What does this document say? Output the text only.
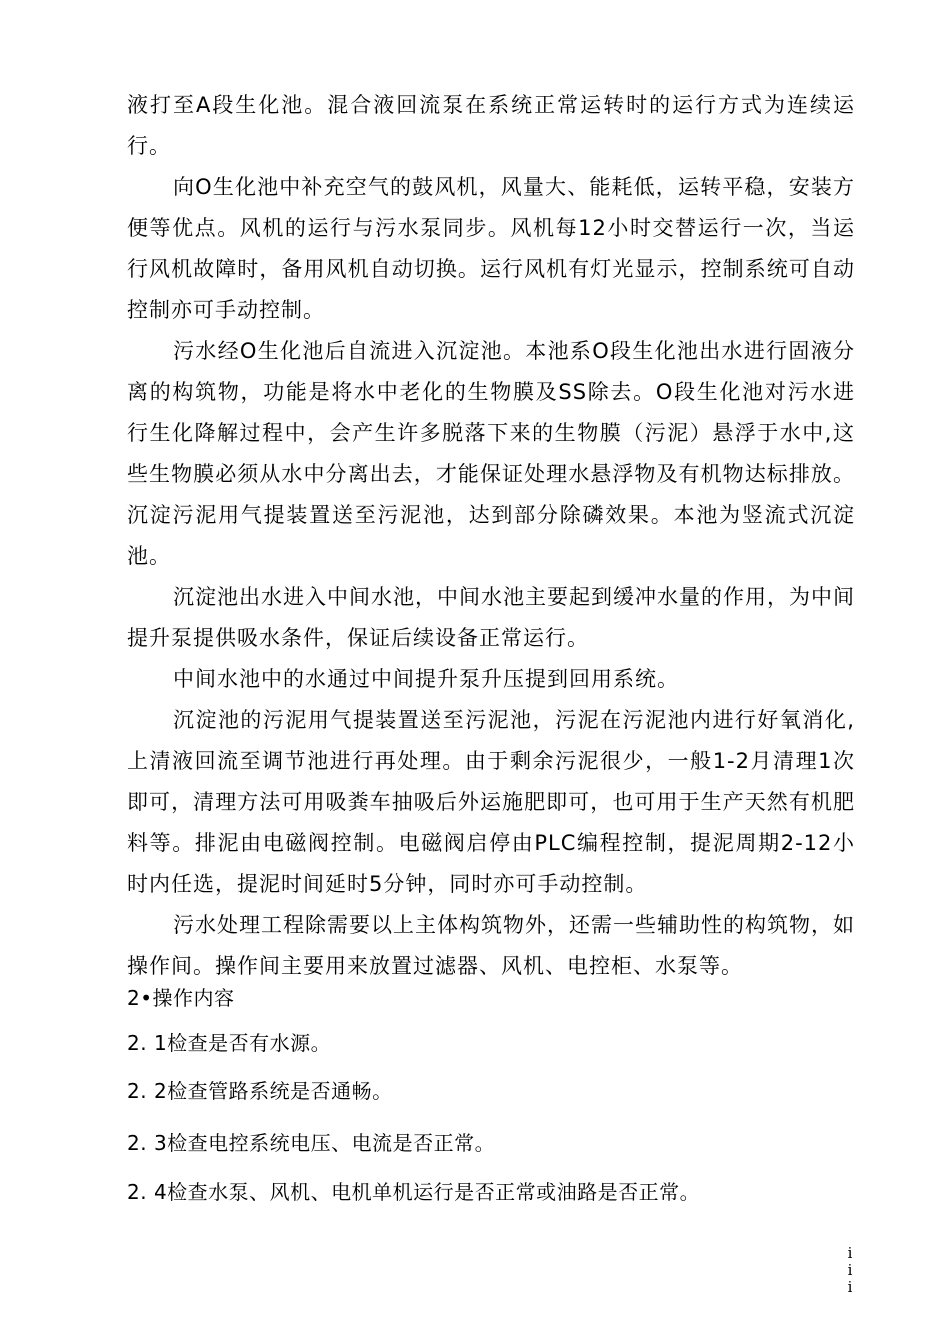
液打至A段生化池。混合液回流泵在系统正常运转时的运行方式为连续运行。

向O生化池中补充空气的鼓风机，风量大、能耗低，运转平稳，安装方便等优点。风机的运行与污水泵同步。风机每12小时交替运行一次，当运行风机故障时，备用风机自动切换。运行风机有灯光显示，控制系统可自动控制亦可手动控制。

污水经O生化池后自流进入沉淀池。本池系O段生化池出水进行固液分离的构筑物，功能是将水中老化的生物膜及SS除去。O段生化池对污水进行生化降解过程中，会产生许多脱落下来的生物膜（污泥）悬浮于水中,这些生物膜必须从水中分离出去，才能保证处理水悬浮物及有机物达标排放。沉淀污泥用气提装置送至污泥池，达到部分除磷效果。本池为竖流式沉淀池。

沉淀池出水进入中间水池，中间水池主要起到缓冲水量的作用，为中间提升泵提供吸水条件，保证后续设备正常运行。

中间水池中的水通过中间提升泵升压提到回用系统。

沉淀池的污泥用气提装置送至污泥池，污泥在污泥池内进行好氧消化,上清液回流至调节池进行再处理。由于剩余污泥很少，一般1-2月清理1次即可，清理方法可用吸粪车抽吸后外运施肥即可，也可用于生产天然有机肥料等。排泥由电磁阀控制。电磁阀启停由PLC编程控制，提泥周期2-12小时内任选，提泥时间延时5分钟，同时亦可手动控制。

污水处理工程除需要以上主体构筑物外，还需一些辅助性的构筑物，如操作间。操作间主要用来放置过滤器、风机、电控柜、水泵等。

2•操作内容
2. 1检查是否有水源。
2. 2检查管路系统是否通畅。
2. 3检查电控系统电压、电流是否正常。
2. 4检查水泵、风机、电机单机运行是否正常或油路是否正常。
iii
